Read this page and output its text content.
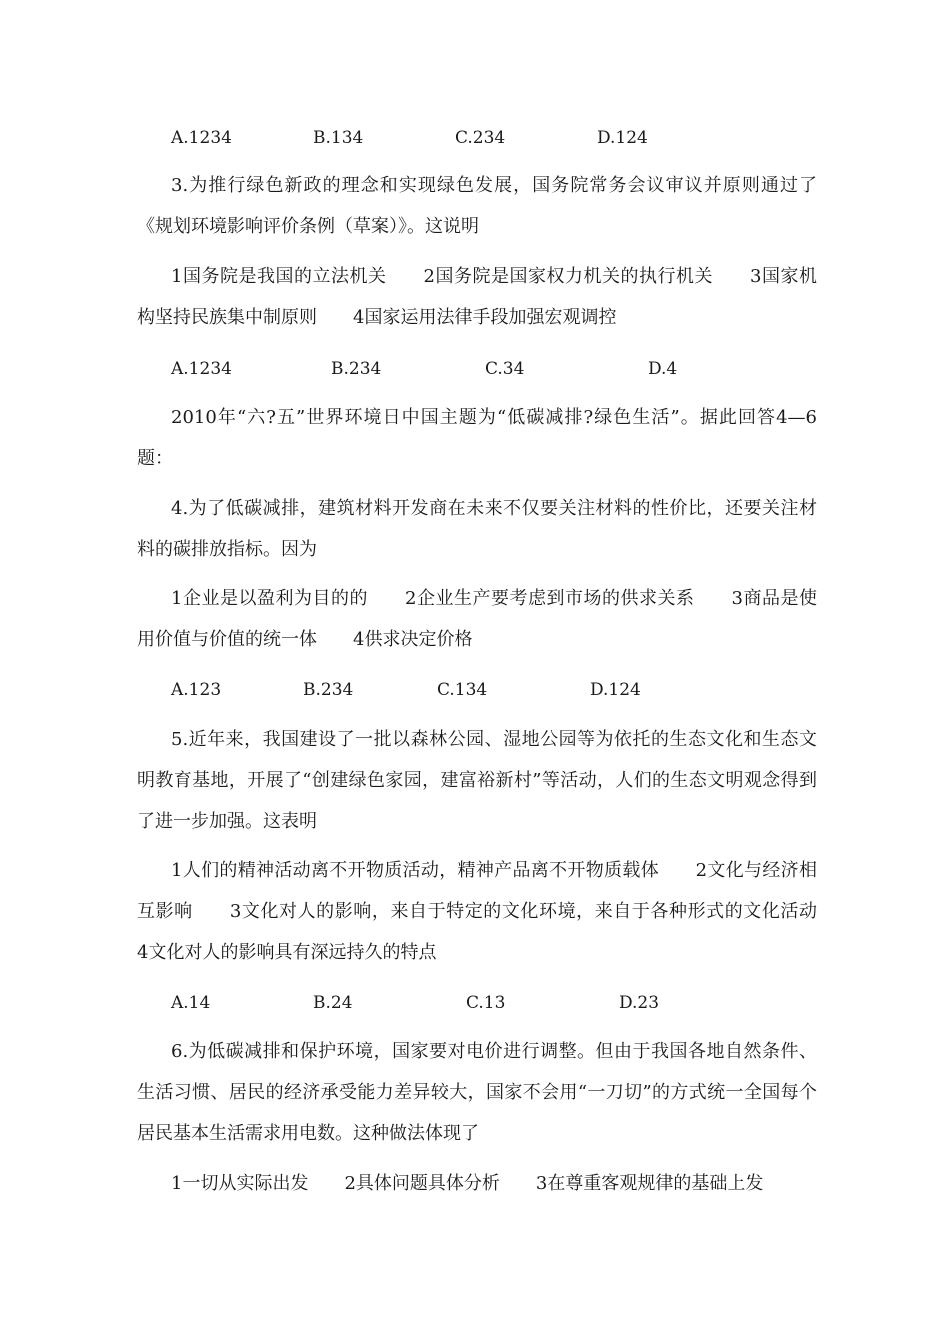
A.1234	B.134	C.234	D.124
3.为推行绿色新政的理念和实现绿色发展，国务院常务会议审议并原则通过了《规划环境影响评价条例（草案）》。这说明
1国务院是我国的立法机关　　2国务院是国家权力机关的执行机关　　3国家机构坚持民族集中制原则　　4国家运用法律手段加强宏观调控
A.1234	B.234	C.34	D.4
2010年“六?五”世界环境日中国主题为“低碳减排?绿色生活”。据此回答4—6题：
4.为了低碳减排，建筑材料开发商在未来不仅要关注材料的性价比，还要关注材料的碳排放指标。因为
1企业是以盈利为目的的　　2企业生产要考虑到市场的供求关系　　3商品是使用价值与价值的统一体　　4供求决定价格
A.123	B.234	C.134	D.124
5.近年来，我国建设了一批以森林公园、湿地公园等为依托的生态文化和生态文明教育基地，开展了“创建绿色家园，建富裕新村”等活动，人们的生态文明观念得到了进一步加强。这表明
1人们的精神活动离不开物质活动，精神产品离不开物质载体　　2文化与经济相互影响　　3文化对人的影响，来自于特定的文化环境，来自于各种形式的文化活动　　4文化对人的影响具有深远持久的特点
A.14	B.24	C.13	D.23
6.为低碳减排和保护环境，国家要对电价进行调整。但由于我国各地自然条件、生活习惯、居民的经济承受能力差异较大，国家不会用“一刀切”的方式统一全国每个居民基本生活需求用电数。这种做法体现了
1一切从实际出发　　2具体问题具体分析　　3在尊重客观规律的基础上发
